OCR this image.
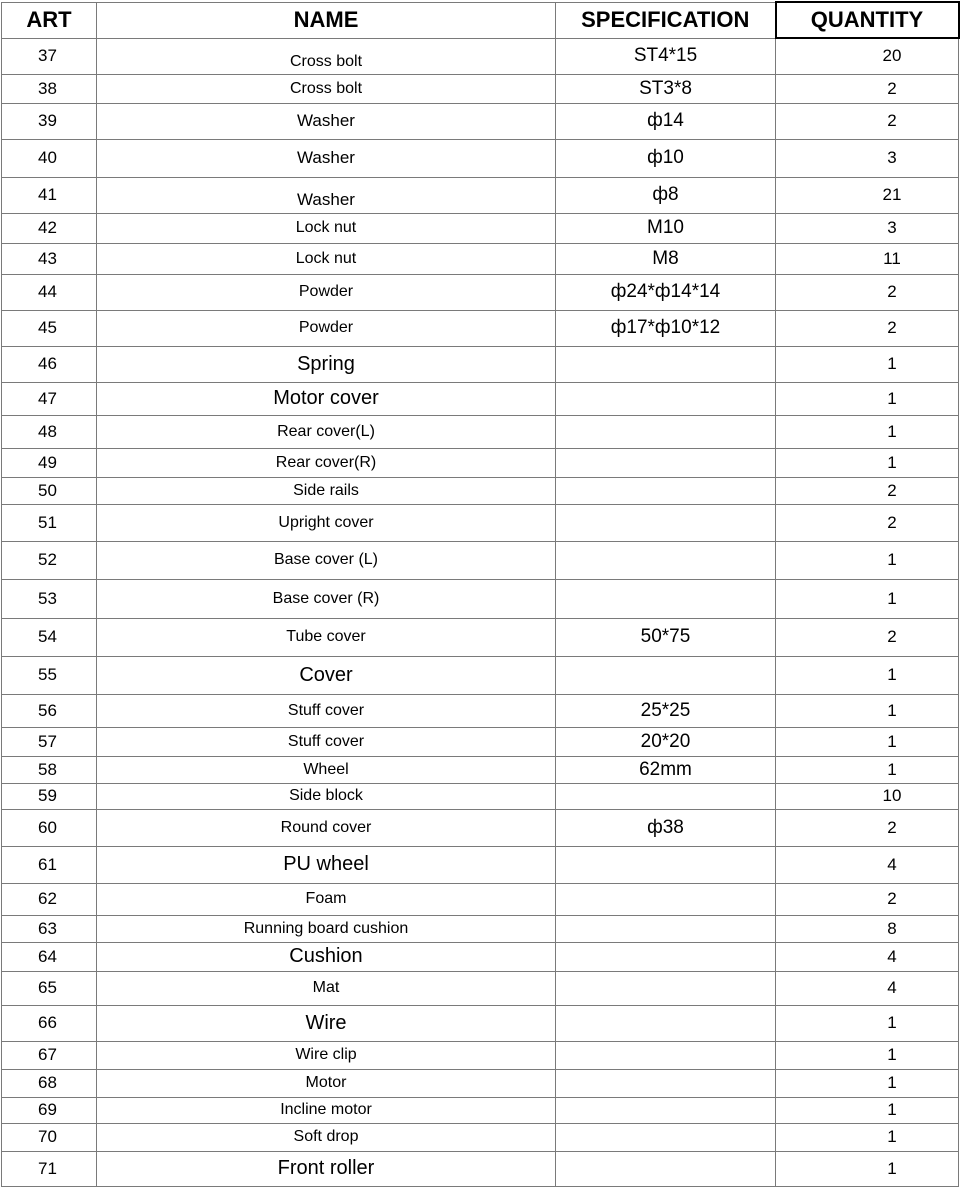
ART	NAME	SPECIFICATION	QUANTITY
37	Cross bolt	ST4*15	20
38	Cross bolt	ST3*8	2
39	Washer	ф14	2
40	Washer	ф10	3
41	Washer	ф8	21
42	Lock nut	M10	3
43	Lock nut	M8	11
44	Powder	ф24*ф14*14	2
45	Powder	ф17*ф10*12	2
46	Spring		1
47	Motor cover		1
48	Rear cover(L)		1
49	Rear cover(R)		1
50	Side rails		2
51	Upright cover		2
52	Base cover (L)		1
53	Base cover (R)		1
54	Tube cover	50*75	2
55	Cover		1
56	Stuff cover	25*25	1
57	Stuff cover	20*20	1
58	Wheel	62mm	1
59	Side block		10
60	Round cover	ф38	2
61	PU wheel		4
62	Foam		2
63	Running board cushion		8
64	Cushion		4
65	Mat		4
66	Wire		1
67	Wire clip		1
68	Motor		1
69	Incline motor		1
70	Soft drop		1
71	Front roller		1
